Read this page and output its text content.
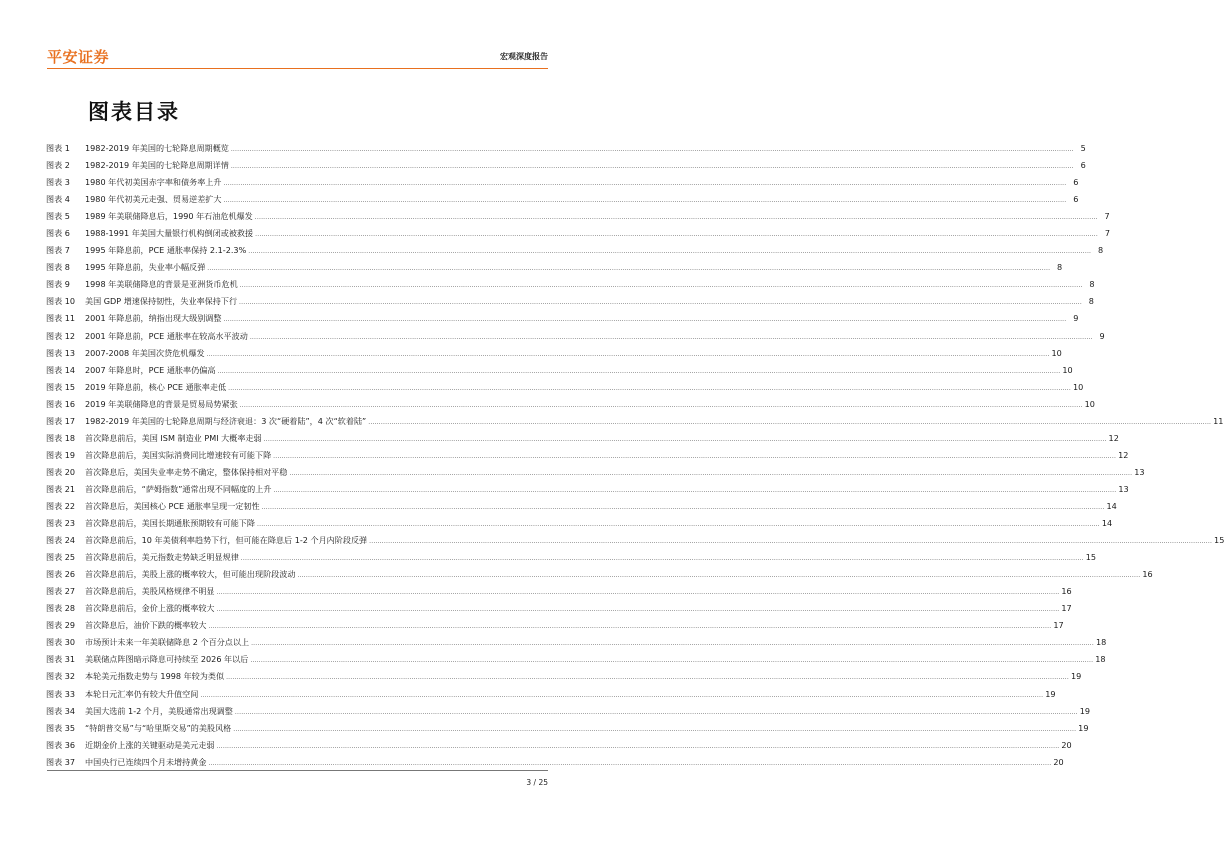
平安证券	宏观深度报告
图表目录
图表 1	1982-2019 年美国的七轮降息周期概览 ................................................................................................................................................................................................................................................................................................................................................................................................................ 5
图表 2	1982-2019 年美国的七轮降息周期详情 ................................................................................................................................................................................................................................................................................................................................................................................................................ 6
图表 3	1980 年代初美国赤字率和债务率上升 ................................................................................................................................................................................................................................................................................................................................................................................................................ 6
图表 4	1980 年代初美元走强、贸易逆差扩大 ................................................................................................................................................................................................................................................................................................................................................................................................................ 6
图表 5	1989 年美联储降息后，1990 年石油危机爆发 ................................................................................................................................................................................................................................................................................................................................................................................................................ 7
图表 6	1988-1991 年美国大量银行机构倒闭或被救援 ................................................................................................................................................................................................................................................................................................................................................................................................................ 7
图表 7	1995 年降息前，PCE 通胀率保持 2.1-2.3% ................................................................................................................................................................................................................................................................................................................................................................................................................ 8
图表 8	1995 年降息前，失业率小幅反弹 ................................................................................................................................................................................................................................................................................................................................................................................................................ 8
图表 9	1998 年美联储降息的背景是亚洲货币危机 ................................................................................................................................................................................................................................................................................................................................................................................................................ 8
图表 10	美国 GDP 增速保持韧性，失业率保持下行 ................................................................................................................................................................................................................................................................................................................................................................................................................ 8
图表 11	2001 年降息前，纳指出现大级别调整 ................................................................................................................................................................................................................................................................................................................................................................................................................ 9
图表 12	2001 年降息前，PCE 通胀率在较高水平波动 ................................................................................................................................................................................................................................................................................................................................................................................................................ 9
图表 13	2007-2008 年美国次贷危机爆发 ................................................................................................................................................................................................................................................................................................................................................................................................................ 10
图表 14	2007 年降息时，PCE 通胀率仍偏高 ................................................................................................................................................................................................................................................................................................................................................................................................................ 10
图表 15	2019 年降息前，核心 PCE 通胀率走低 ................................................................................................................................................................................................................................................................................................................................................................................................................ 10
图表 16	2019 年美联储降息的背景是贸易局势紧张 ................................................................................................................................................................................................................................................................................................................................................................................................................ 10
图表 17	1982-2019 年美国的七轮降息周期与经济衰退：3 次“硬着陆”，4 次“软着陆” ................................................................................................................................................................................................................................................................................................................................................................................................................ 11
图表 18	首次降息前后，美国 ISM 制造业 PMI 大概率走弱 ................................................................................................................................................................................................................................................................................................................................................................................................................ 12
图表 19	首次降息前后，美国实际消费同比增速较有可能下降 ................................................................................................................................................................................................................................................................................................................................................................................................................ 12
图表 20	首次降息后，美国失业率走势不确定，整体保持相对平稳 ................................................................................................................................................................................................................................................................................................................................................................................................................ 13
图表 21	首次降息前后，“萨姆指数”通常出现不同幅度的上升 ................................................................................................................................................................................................................................................................................................................................................................................................................ 13
图表 22	首次降息后，美国核心 PCE 通胀率呈现一定韧性 ................................................................................................................................................................................................................................................................................................................................................................................................................ 14
图表 23	首次降息前后，美国长期通胀预期较有可能下降 ................................................................................................................................................................................................................................................................................................................................................................................................................ 14
图表 24	首次降息前后，10 年美债利率趋势下行，但可能在降息后 1-2 个月内阶段反弹 ................................................................................................................................................................................................................................................................................................................................................................................................................ 15
图表 25	首次降息前后，美元指数走势缺乏明显规律 ................................................................................................................................................................................................................................................................................................................................................................................................................ 15
图表 26	首次降息前后，美股上涨的概率较大，但可能出现阶段波动 ................................................................................................................................................................................................................................................................................................................................................................................................................ 16
图表 27	首次降息前后，美股风格规律不明显 ................................................................................................................................................................................................................................................................................................................................................................................................................ 16
图表 28	首次降息前后，金价上涨的概率较大 ................................................................................................................................................................................................................................................................................................................................................................................................................ 17
图表 29	首次降息后，油价下跌的概率较大 ................................................................................................................................................................................................................................................................................................................................................................................................................ 17
图表 30	市场预计未来一年美联储降息 2 个百分点以上 ................................................................................................................................................................................................................................................................................................................................................................................................................ 18
图表 31	美联储点阵图暗示降息可持续至 2026 年以后 ................................................................................................................................................................................................................................................................................................................................................................................................................ 18
图表 32	本轮美元指数走势与 1998 年较为类似 ................................................................................................................................................................................................................................................................................................................................................................................................................ 19
图表 33	本轮日元汇率仍有较大升值空间 ................................................................................................................................................................................................................................................................................................................................................................................................................ 19
图表 34	美国大选前 1-2 个月，美股通常出现调整 ................................................................................................................................................................................................................................................................................................................................................................................................................ 19
图表 35	“特朗普交易”与“哈里斯交易”的美股风格 ................................................................................................................................................................................................................................................................................................................................................................................................................ 19
图表 36	近期金价上涨的关键驱动是美元走弱 ................................................................................................................................................................................................................................................................................................................................................................................................................ 20
图表 37	中国央行已连续四个月未增持黄金 ................................................................................................................................................................................................................................................................................................................................................................................................................ 20
3 / 25
